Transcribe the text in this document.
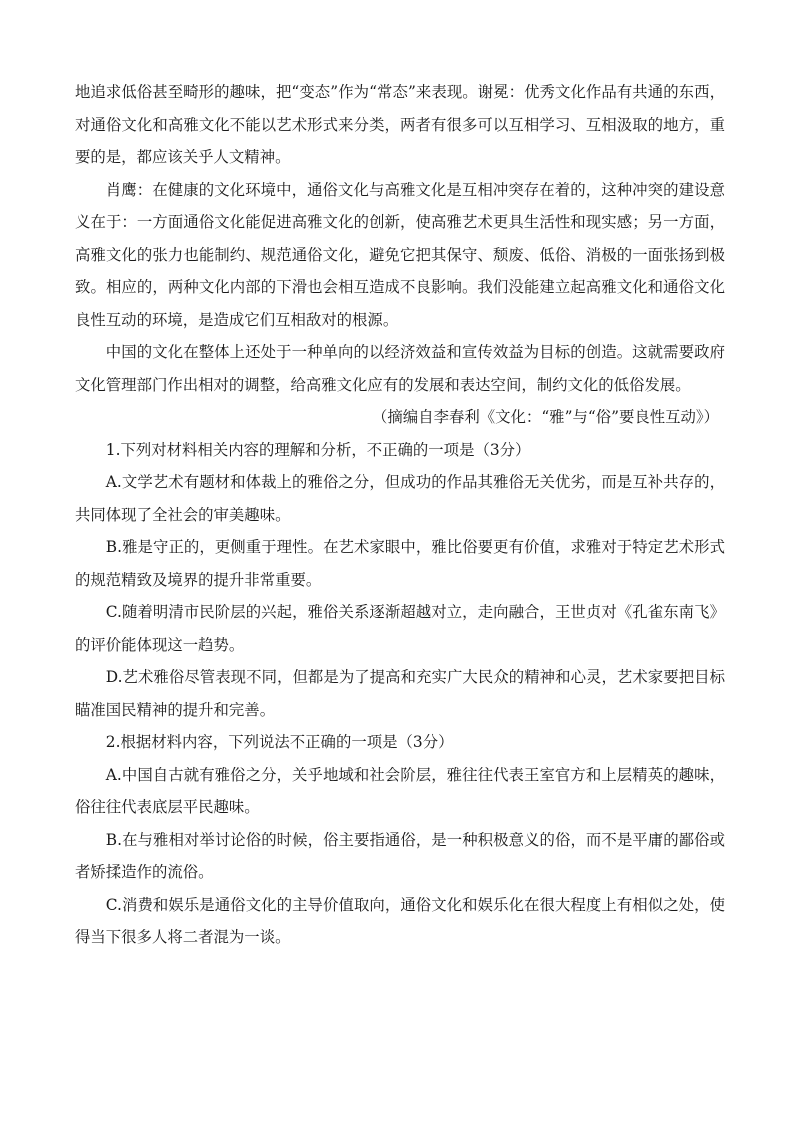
地追求低俗甚至畸形的趣味，把“变态”作为“常态”来表现。谢冕：优秀文化作品有共通的东西，对通俗文化和高雅文化不能以艺术形式来分类，两者有很多可以互相学习、互相汲取的地方，重要的是，都应该关乎人文精神。

肖鹰：在健康的文化环境中，通俗文化与高雅文化是互相冲突存在着的，这种冲突的建设意义在于：一方面通俗文化能促进高雅文化的创新，使高雅艺术更具生活性和现实感；另一方面，高雅文化的张力也能制约、规范通俗文化，避免它把其保守、颓废、低俗、消极的一面张扬到极致。相应的，两种文化内部的下滑也会相互造成不良影响。我们没能建立起高雅文化和通俗文化良性互动的环境，是造成它们互相敌对的根源。

中国的文化在整体上还处于一种单向的以经济效益和宣传效益为目标的创造。这就需要政府文化管理部门作出相对的调整，给高雅文化应有的发展和表达空间，制约文化的低俗发展。

（摘编自李春利《文化：“雅”与“俗”要良性互动》）

1.下列对材料相关内容的理解和分析，不正确的一项是（3分）

A.文学艺术有题材和体裁上的雅俗之分，但成功的作品其雅俗无关优劣，而是互补共存的，共同体现了全社会的审美趣味。

B.雅是守正的，更侧重于理性。在艺术家眼中，雅比俗要更有价值，求雅对于特定艺术形式的规范精致及境界的提升非常重要。

C.随着明清市民阶层的兴起，雅俗关系逐渐超越对立，走向融合，王世贞对《孔雀东南飞》的评价能体现这一趋势。

D.艺术雅俗尽管表现不同，但都是为了提高和充实广大民众的精神和心灵，艺术家要把目标瞄准国民精神的提升和完善。

2.根据材料内容，下列说法不正确的一项是（3分）

A.中国自古就有雅俗之分，关乎地域和社会阶层，雅往往代表王室官方和上层精英的趣味，俗往往代表底层平民趣味。

B.在与雅相对举讨论俗的时候，俗主要指通俗，是一种积极意义的俗，而不是平庸的鄙俗或者矫揉造作的流俗。

C.消费和娱乐是通俗文化的主导价值取向，通俗文化和娱乐化在很大程度上有相似之处，使得当下很多人将二者混为一谈。
